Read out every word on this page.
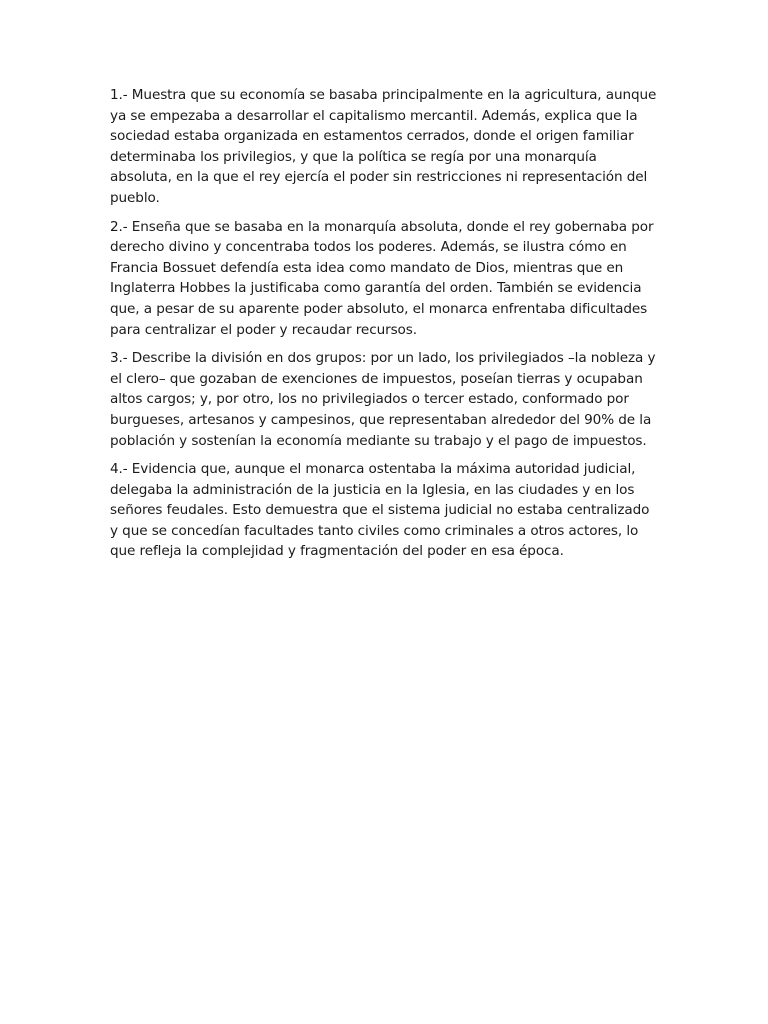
1.- Muestra que su economía se basaba principalmente en la agricultura, aunque ya se empezaba a desarrollar el capitalismo mercantil. Además, explica que la sociedad estaba organizada en estamentos cerrados, donde el origen familiar determinaba los privilegios, y que la política se regía por una monarquía absoluta, en la que el rey ejercía el poder sin restricciones ni representación del pueblo.

2.- Enseña que se basaba en la monarquía absoluta, donde el rey gobernaba por derecho divino y concentraba todos los poderes. Además, se ilustra cómo en Francia Bossuet defendía esta idea como mandato de Dios, mientras que en Inglaterra Hobbes la justificaba como garantía del orden. También se evidencia que, a pesar de su aparente poder absoluto, el monarca enfrentaba dificultades para centralizar el poder y recaudar recursos.

3.- Describe la división en dos grupos: por un lado, los privilegiados –la nobleza y el clero– que gozaban de exenciones de impuestos, poseían tierras y ocupaban altos cargos; y, por otro, los no privilegiados o tercer estado, conformado por burgueses, artesanos y campesinos, que representaban alrededor del 90% de la población y sostenían la economía mediante su trabajo y el pago de impuestos.

4.- Evidencia que, aunque el monarca ostentaba la máxima autoridad judicial, delegaba la administración de la justicia en la Iglesia, en las ciudades y en los señores feudales. Esto demuestra que el sistema judicial no estaba centralizado y que se concedían facultades tanto civiles como criminales a otros actores, lo que refleja la complejidad y fragmentación del poder en esa época.
